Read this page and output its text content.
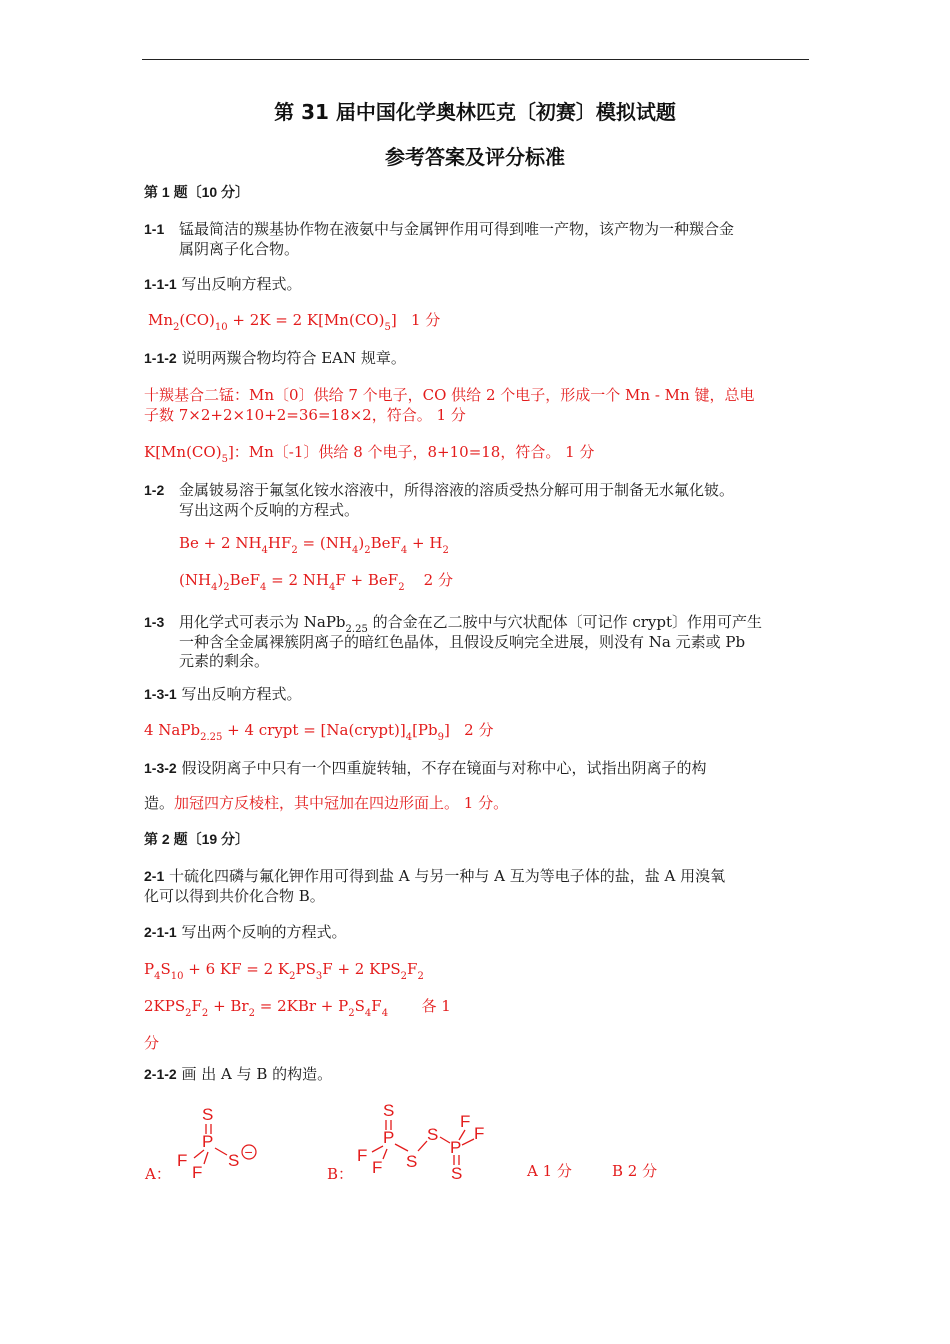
第 31 届中国化学奥林匹克〔初赛〕模拟试题
参考答案及评分标准
第 1 题〔10 分〕
1-1 锰最简洁的羰基协作物在液氨中与金属钾作用可得到唯一产物，该产物为一种羰合金
属阴离子化合物。
1-1-1 写出反响方程式。
$Mn_2(CO)_{10} + 2K = 2$ $K[Mn(CO)_5]$ 1 分
1-1-2 说明两羰合物均符合 EAN 规章。
十羰基合二锰：Mn〔0〕供给 7 个电子，CO 供给 2 个电子，形成一个 Mn - Mn 键，总电
子数 7×2+2×10+2=36=18×2，符合。 1 分
$K[Mn(CO)_5]$：Mn〔-1〕供给 8 个电子，8+10=18，符合。 1 分
1-2 金属铍易溶于氟氢化铵水溶液中，所得溶液的溶质受热分解可用于制备无水氟化铍。
写出这两个反响的方程式。
Be + 2 $NH_4HF_2 = (NH_4)_2BeF_4 + H_2$
$(NH_4)_2BeF_4 = 2$ $NH_4F + BeF_2$ 2 分
1-3 用化学式可表示为 NaPb$_{2.25}$ 的合金在乙二胺中与穴状配体〔可记作 crypt〕作用可产生
一种含全金属裸簇阴离子的暗红色晶体，且假设反响完全进展，则没有 Na 元素或 Pb
元素的剩余。
1-3-1 写出反响方程式。
4 NaPb$_{2.25}$ + 4 crypt = $[Na(crypt)]_4[Pb_9]$ 2 分
1-3-2 假设阴离子中只有一个四重旋转轴，不存在镜面与对称中心，试指出阴离子的构
造。加冠四方反棱柱，其中冠加在四边形面上。 1 分。
第 2 题〔19 分〕
2-1 十硫化四磷与氟化钾作用可得到盐 A 与另一种与 A 互为等电子体的盐，盐 A 用溴氧
化可以得到共价化合物 B。
2-1-1 写出两个反响的方程式。
$P_4S_{10} + 6$ KF = 2 $K_2PS_3F + 2$ $KPS_2F_2$
$2KPS_2F_2 + Br_2 = 2KBr + P_2S_4F_4$ 各 1
分
2-1-2 画 出 A 与 B 的构造。
A：
S
P
F
F
S −
B：
S
P
F
F S
S
P
F
F
S	A 1 分	B 2 分
